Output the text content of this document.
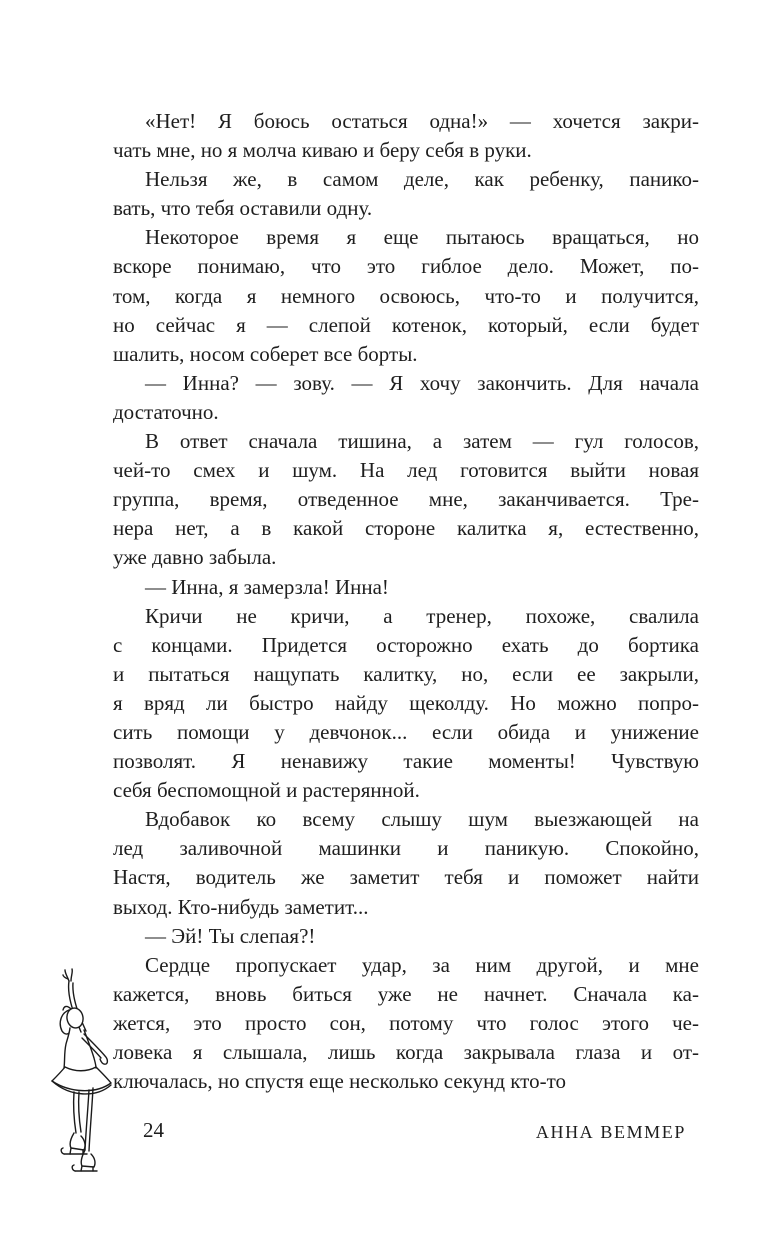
«Нет! Я боюсь остаться одна!» — хочется закри-
чать мне, но я молча киваю и беру себя в руки.
Нельзя же, в самом деле, как ребенку, панико-
вать, что тебя оставили одну.
Некоторое время я еще пытаюсь вращаться, но
вскоре понимаю, что это гиблое дело. Может, по-
том, когда я немного освоюсь, что-то и получится,
но сейчас я — слепой котенок, который, если будет
шалить, носом соберет все борты.
— Инна? — зову. — Я хочу закончить. Для начала
достаточно.
В ответ сначала тишина, а затем — гул голосов,
чей-то смех и шум. На лед готовится выйти новая
группа, время, отведенное мне, заканчивается. Тре-
нера нет, а в какой стороне калитка я, естественно,
уже давно забыла.
— Инна, я замерзла! Инна!
Кричи не кричи, а тренер, похоже, свалила
с концами. Придется осторожно ехать до бортика
и пытаться нащупать калитку, но, если ее закрыли,
я вряд ли быстро найду щеколду. Но можно попро-
сить помощи у девчонок... если обида и унижение
позволят. Я ненавижу такие моменты! Чувствую
себя беспомощной и растерянной.
Вдобавок ко всему слышу шум выезжающей на
лед заливочной машинки и паникую. Спокойно,
Настя, водитель же заметит тебя и поможет найти
выход. Кто-нибудь заметит...
— Эй! Ты слепая?!
Сердце пропускает удар, за ним другой, и мне
кажется, вновь биться уже не начнет. Сначала ка-
жется, это просто сон, потому что голос этого че-
ловека я слышала, лишь когда закрывала глаза и от-
ключалась, но спустя еще несколько секунд кто-то
24	АННА ВЕММЕР
